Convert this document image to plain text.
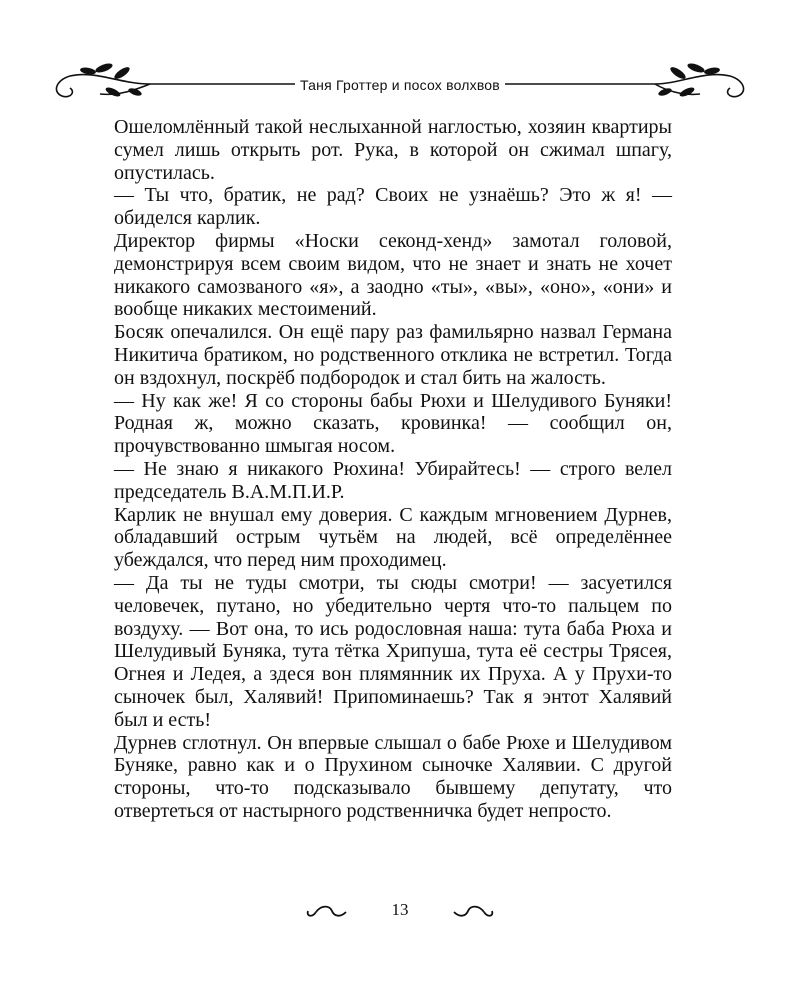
Таня Гроттер и посох волхвов

Ошеломлённый такой неслыханной наглостью, хозяин квартиры сумел лишь открыть рот. Рука, в которой он сжимал шпагу, опустилась.

— Ты что, братик, не рад? Своих не узнаёшь? Это ж я! — обиделся карлик.

Директор фирмы «Носки секонд-хенд» замотал головой, демонстрируя всем своим видом, что не знает и знать не хочет никакого самозваного «я», а заодно «ты», «вы», «оно», «они» и вообще никаких местоимений.

Босяк опечалился. Он ещё пару раз фамильярно назвал Германа Никитича братиком, но родственного отклика не встретил. Тогда он вздохнул, поскрёб подбородок и стал бить на жалость.

— Ну как же! Я со стороны бабы Рюхи и Шелудивого Буняки! Родная ж, можно сказать, кровинка! — сообщил он, прочувствованно шмыгая носом.

— Не знаю я никакого Рюхина! Убирайтесь! — строго велел председатель В.А.М.П.И.Р.

Карлик не внушал ему доверия. С каждым мгновением Дурнев, обладавший острым чутьём на людей, всё определённее убеждался, что перед ним проходимец.

— Да ты не туды смотри, ты сюды смотри! — засуетился человечек, путано, но убедительно чертя что-то пальцем по воздуху. — Вот она, то ись родословная наша: тута баба Рюха и Шелудивый Буняка, тута тётка Хрипуша, тута её сестры Трясея, Огнея и Ледея, а здеся вон плямянник их Пруха. А у Прухи-то сыночек был, Халявий! Припоминаешь? Так я энтот Халявий был и есть!

Дурнев сглотнул. Он впервые слышал о бабе Рюхе и Шелудивом Буняке, равно как и о Прухином сыночке Халявии. С другой стороны, что-то подсказывало бывшему депутату, что отвертеться от настырного родственничка будет непросто.

13
